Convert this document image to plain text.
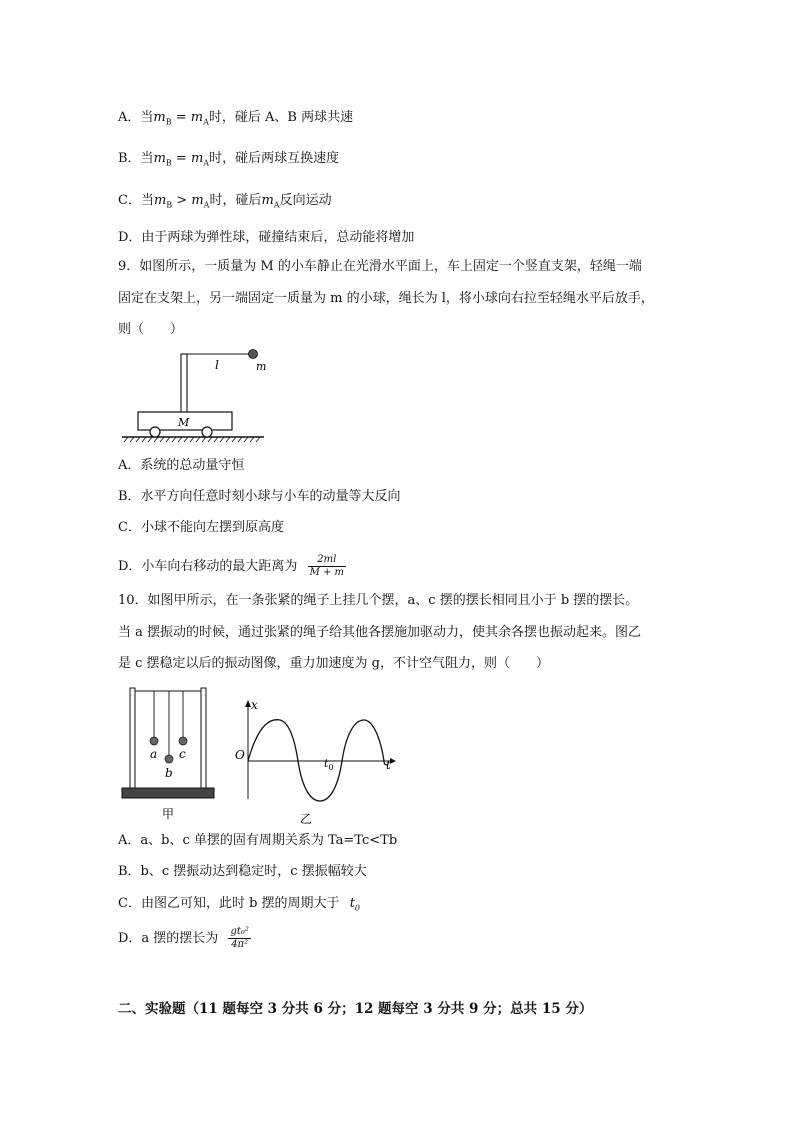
A．当$m_B = m_A$时，碰后 A、B 两球共速
B．当$m_B = m_A$时，碰后两球互换速度
C．当$m_B > m_A$时，碰后$m_A$反向运动
D．由于两球为弹性球，碰撞结束后，总动能将增加
9．如图所示，一质量为 M 的小车静止在光滑水平面上，车上固定一个竖直支架，轻绳一端
固定在支架上，另一端固定一质量为 m 的小球，绳长为 l，将小球向右拉至轻绳水平后放手，
则（　　）
l	m
M
A．系统的总动量守恒
B．水平方向任意时刻小球与小车的动量等大反向
C．小球不能向左摆到原高度
D．小车向右移动的最大距离为 $\frac{2ml}{M + m}$
10．如图甲所示，在一条张紧的绳子上挂几个摆，a、c 摆的摆长相同且小于 b 摆的摆长。
当 a 摆振动的时候，通过张紧的绳子给其他各摆施加驱动力，使其余各摆也振动起来。图乙
是 c 摆稳定以后的振动图像，重力加速度为 g，不计空气阻力，则（　　）
a
b
c
甲
x
O
t
$t_0$
乙
A．a、b、c 单摆的固有周期关系为 Ta=Tc<Tb
B．b、c 摆振动达到稳定时，c 摆振幅较大
C．由图乙可知，此时 b 摆的周期大于 $t_0$
D．a 摆的摆长为 $\frac{\text{gt₀²}}{\text{4π²}}$
二、实验题（11 题每空 3 分共 6 分；12 题每空 3 分共 9 分；总共 15 分）
